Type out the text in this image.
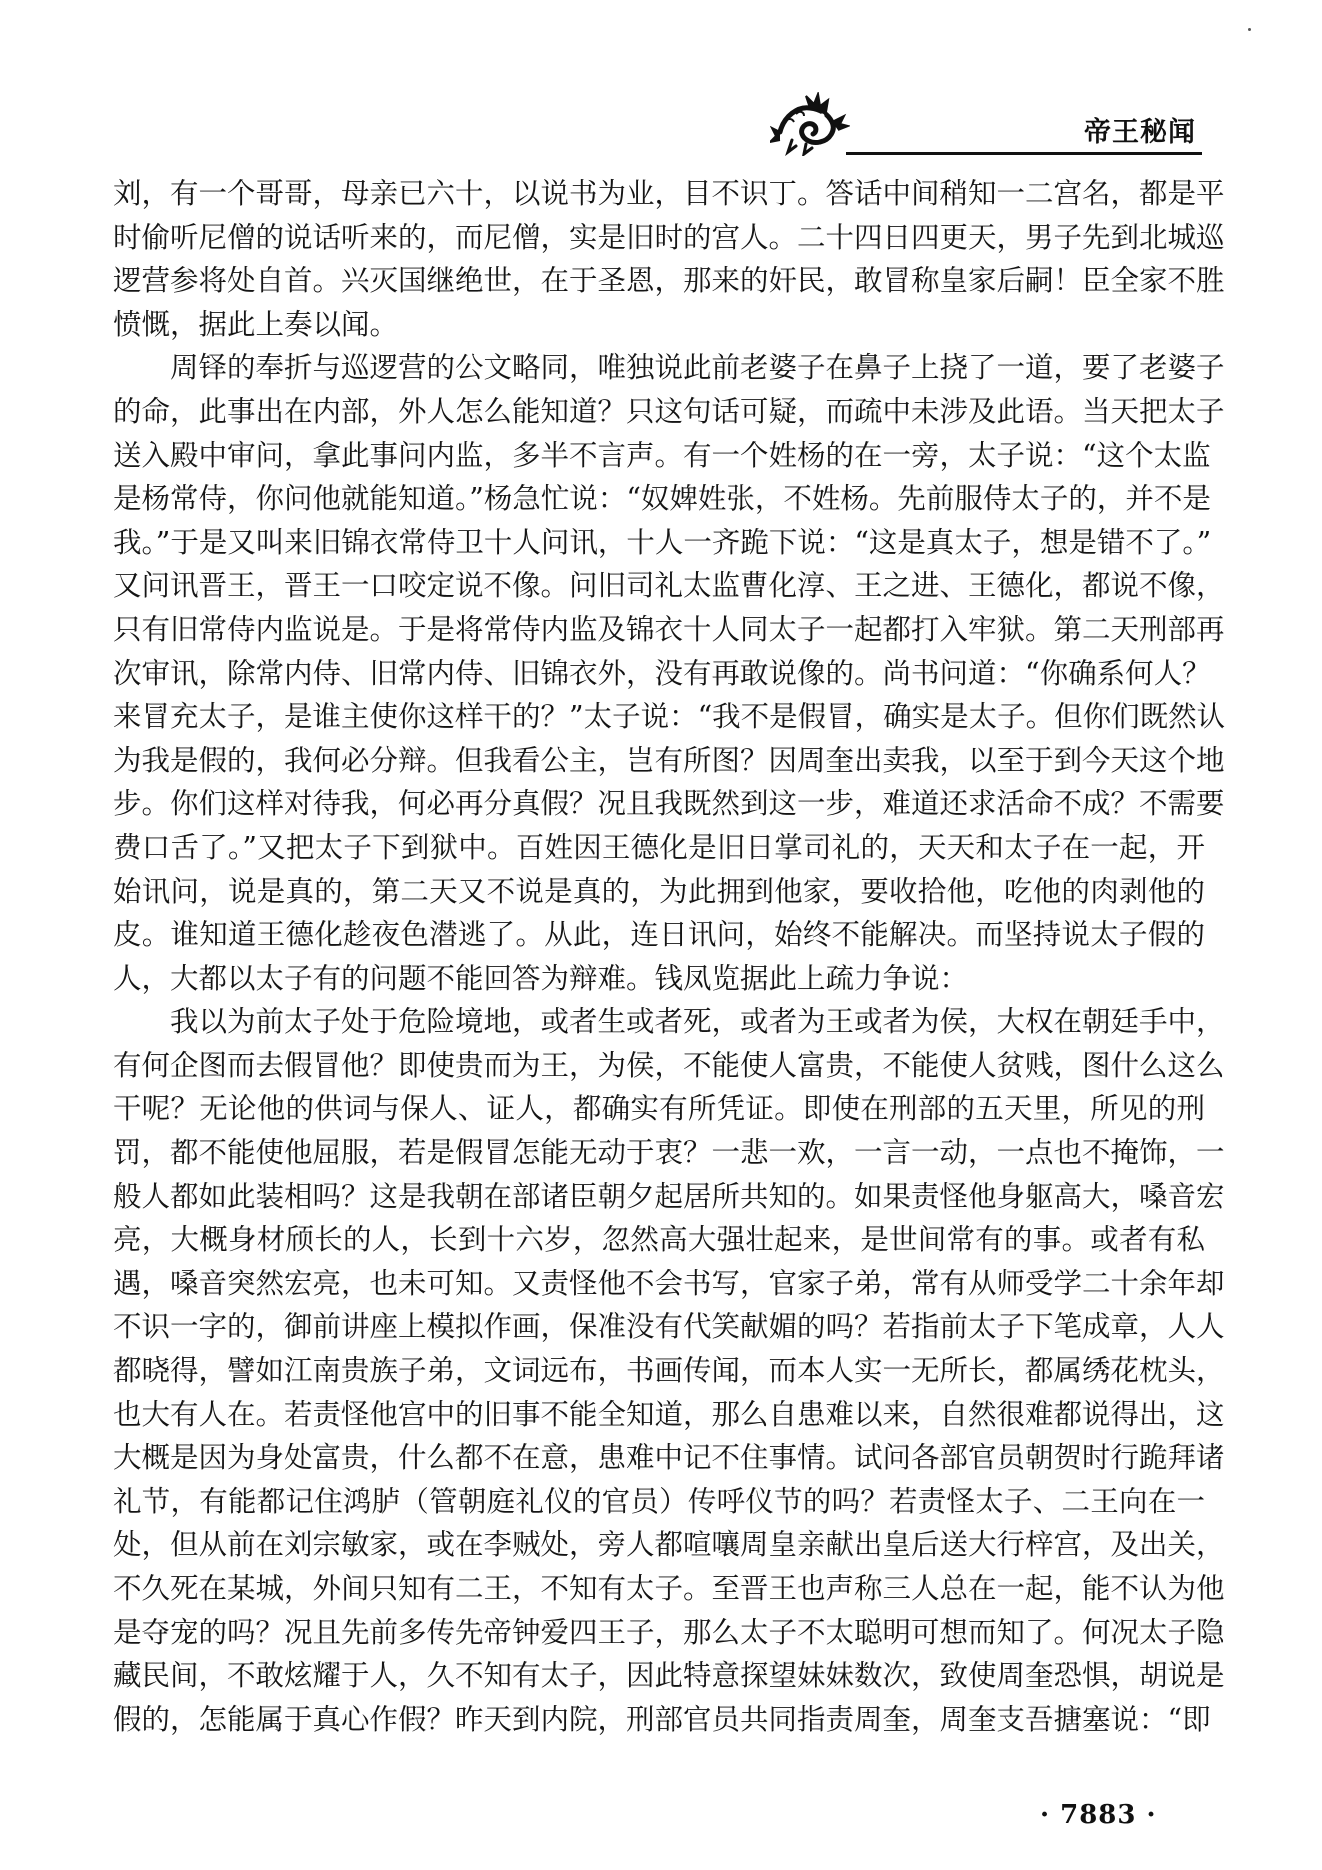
帝王秘闻

刘，有一个哥哥，母亲已六十，以说书为业，目不识丁。答话中间稍知一二宫名，都是平
时偷听尼僧的说话听来的，而尼僧，实是旧时的宫人。二十四日四更天，男子先到北城巡
逻营参将处自首。兴灭国继绝世，在于圣恩，那来的奸民，敢冒称皇家后嗣！臣全家不胜
愤慨，据此上奏以闻。

周铎的奉折与巡逻营的公文略同，唯独说此前老婆子在鼻子上挠了一道，要了老婆子
的命，此事出在内部，外人怎么能知道？只这句话可疑，而疏中未涉及此语。当天把太子
送入殿中审问，拿此事问内监，多半不言声。有一个姓杨的在一旁，太子说：“这个太监
是杨常侍，你问他就能知道。”杨急忙说：“奴婢姓张，不姓杨。先前服侍太子的，并不是
我。”于是又叫来旧锦衣常侍卫十人问讯，十人一齐跪下说：“这是真太子，想是错不了。”
又问讯晋王，晋王一口咬定说不像。问旧司礼太监曹化淳、王之进、王德化，都说不像，
只有旧常侍内监说是。于是将常侍内监及锦衣十人同太子一起都打入牢狱。第二天刑部再
次审讯，除常内侍、旧常内侍、旧锦衣外，没有再敢说像的。尚书问道：“你确系何人？
来冒充太子，是谁主使你这样干的？”太子说：“我不是假冒，确实是太子。但你们既然认
为我是假的，我何必分辩。但我看公主，岂有所图？因周奎出卖我，以至于到今天这个地
步。你们这样对待我，何必再分真假？况且我既然到这一步，难道还求活命不成？不需要
费口舌了。”又把太子下到狱中。百姓因王德化是旧日掌司礼的，天天和太子在一起，开
始讯问，说是真的，第二天又不说是真的，为此拥到他家，要收拾他，吃他的肉剥他的
皮。谁知道王德化趁夜色潜逃了。从此，连日讯问，始终不能解决。而坚持说太子假的
人，大都以太子有的问题不能回答为辩难。钱凤览据此上疏力争说：

我以为前太子处于危险境地，或者生或者死，或者为王或者为侯，大权在朝廷手中，
有何企图而去假冒他？即使贵而为王，为侯，不能使人富贵，不能使人贫贱，图什么这么
干呢？无论他的供词与保人、证人，都确实有所凭证。即使在刑部的五天里，所见的刑
罚，都不能使他屈服，若是假冒怎能无动于衷？一悲一欢，一言一动，一点也不掩饰，一
般人都如此装相吗？这是我朝在部诸臣朝夕起居所共知的。如果责怪他身躯高大，嗓音宏
亮，大概身材颀长的人，长到十六岁，忽然高大强壮起来，是世间常有的事。或者有私
遇，嗓音突然宏亮，也未可知。又责怪他不会书写，官家子弟，常有从师受学二十余年却
不识一字的，御前讲座上模拟作画，保准没有代笑献媚的吗？若指前太子下笔成章，人人
都晓得，譬如江南贵族子弟，文词远布，书画传闻，而本人实一无所长，都属绣花枕头，
也大有人在。若责怪他宫中的旧事不能全知道，那么自患难以来，自然很难都说得出，这
大概是因为身处富贵，什么都不在意，患难中记不住事情。试问各部官员朝贺时行跪拜诸
礼节，有能都记住鸿胪（管朝庭礼仪的官员）传呼仪节的吗？若责怪太子、二王向在一
处，但从前在刘宗敏家，或在李贼处，旁人都喧嚷周皇亲献出皇后送大行梓宫，及出关，
不久死在某城，外间只知有二王，不知有太子。至晋王也声称三人总在一起，能不认为他
是夺宠的吗？况且先前多传先帝钟爱四王子，那么太子不太聪明可想而知了。何况太子隐
藏民间，不敢炫耀于人，久不知有太子，因此特意探望妹妹数次，致使周奎恐惧，胡说是
假的，怎能属于真心作假？昨天到内院，刑部官员共同指责周奎，周奎支吾搪塞说：“即

· 7883 ·
